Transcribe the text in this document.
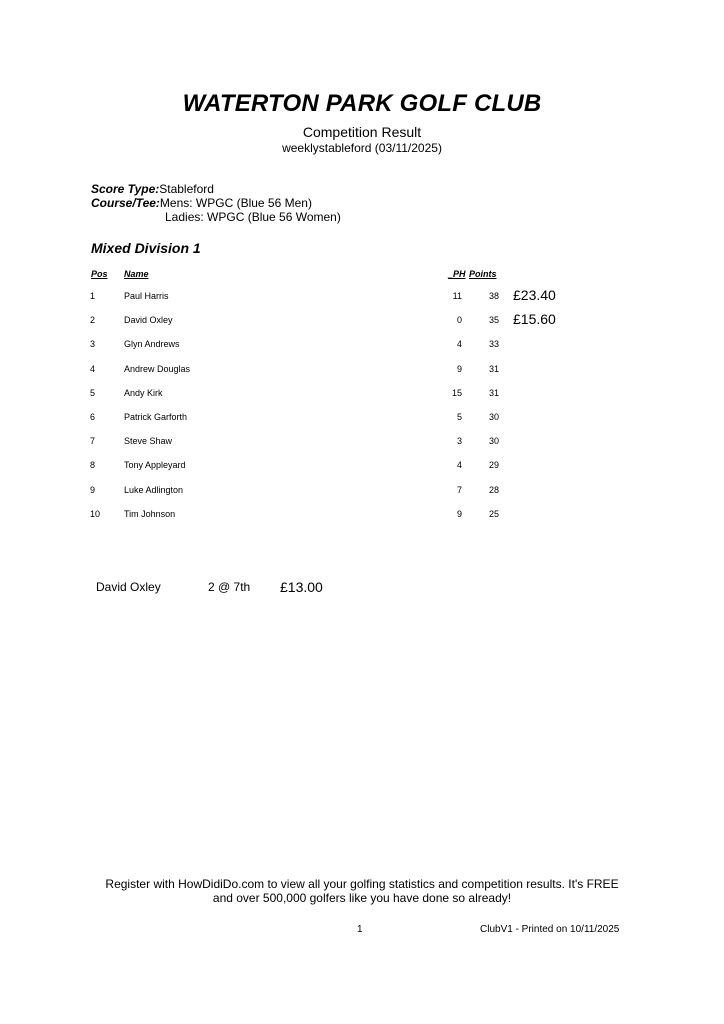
WATERTON PARK GOLF CLUB
Competition Result
weeklystableford (03/11/2025)
Score Type:Stableford
Course/Tee:Mens: WPGC (Blue 56 Men)
Ladies: WPGC (Blue 56 Women)
Mixed Division 1
Pos Name	_PH Points
1	Paul Harris	11	38 £23.40
2	David Oxley	0	35 £15.60
3	Glyn Andrews	4	33
4	Andrew Douglas	9	31
5	Andy Kirk	15	31
6	Patrick Garforth	5	30
7	Steve Shaw	3	30
8	Tony Appleyard	4	29
9	Luke Adlington	7	28
10	Tim Johnson	9	25
David Oxley	2 @ 7th £13.00
Register with HowDidiDo.com to view all your golfing statistics and competition results. It's FREE
and over 500,000 golfers like you have done so already!
1	ClubV1 - Printed on 10/11/2025
